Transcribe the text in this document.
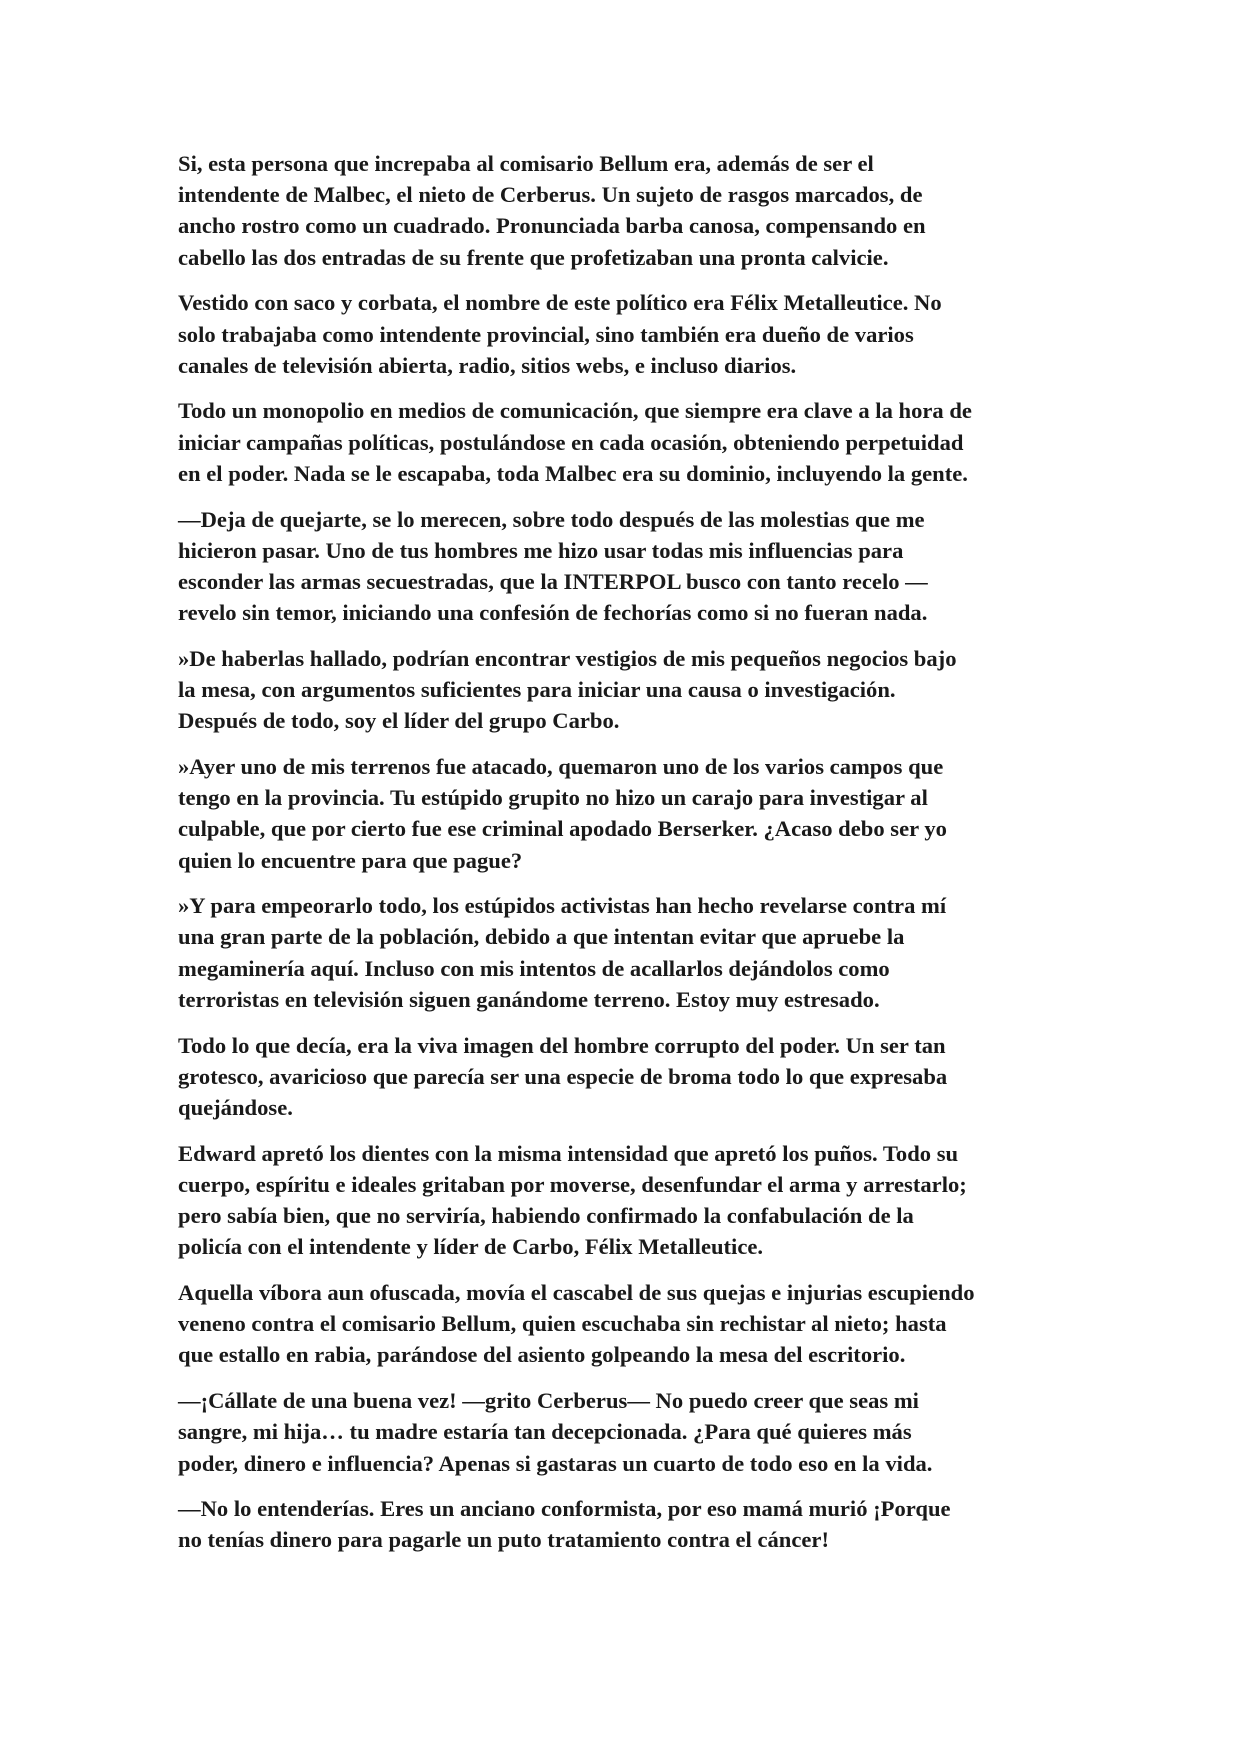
Si, esta persona que increpaba al comisario Bellum era, además de ser el
intendente de Malbec, el nieto de Cerberus. Un sujeto de rasgos marcados, de
ancho rostro como un cuadrado. Pronunciada barba canosa, compensando en
cabello las dos entradas de su frente que profetizaban una pronta calvicie.

Vestido con saco y corbata, el nombre de este político era Félix Metalleutice. No
solo trabajaba como intendente provincial, sino también era dueño de varios
canales de televisión abierta, radio, sitios webs, e incluso diarios.

Todo un monopolio en medios de comunicación, que siempre era clave a la hora de
iniciar campañas políticas, postulándose en cada ocasión, obteniendo perpetuidad
en el poder. Nada se le escapaba, toda Malbec era su dominio, incluyendo la gente.

—Deja de quejarte, se lo merecen, sobre todo después de las molestias que me
hicieron pasar. Uno de tus hombres me hizo usar todas mis influencias para
esconder las armas secuestradas, que la INTERPOL busco con tanto recelo —
revelo sin temor, iniciando una confesión de fechorías como si no fueran nada.

»De haberlas hallado, podrían encontrar vestigios de mis pequeños negocios bajo
la mesa, con argumentos suficientes para iniciar una causa o investigación.
Después de todo, soy el líder del grupo Carbo.

»Ayer uno de mis terrenos fue atacado, quemaron uno de los varios campos que
tengo en la provincia. Tu estúpido grupito no hizo un carajo para investigar al
culpable, que por cierto fue ese criminal apodado Berserker. ¿Acaso debo ser yo
quien lo encuentre para que pague?

»Y para empeorarlo todo, los estúpidos activistas han hecho revelarse contra mí
una gran parte de la población, debido a que intentan evitar que apruebe la
megaminería aquí. Incluso con mis intentos de acallarlos dejándolos como
terroristas en televisión siguen ganándome terreno. Estoy muy estresado.

Todo lo que decía, era la viva imagen del hombre corrupto del poder. Un ser tan
grotesco, avaricioso que parecía ser una especie de broma todo lo que expresaba
quejándose.

Edward apretó los dientes con la misma intensidad que apretó los puños. Todo su
cuerpo, espíritu e ideales gritaban por moverse, desenfundar el arma y arrestarlo;
pero sabía bien, que no serviría, habiendo confirmado la confabulación de la
policía con el intendente y líder de Carbo, Félix Metalleutice.

Aquella víbora aun ofuscada, movía el cascabel de sus quejas e injurias escupiendo
veneno contra el comisario Bellum, quien escuchaba sin rechistar al nieto; hasta
que estallo en rabia, parándose del asiento golpeando la mesa del escritorio.

—¡Cállate de una buena vez! —grito Cerberus— No puedo creer que seas mi
sangre, mi hija… tu madre estaría tan decepcionada. ¿Para qué quieres más
poder, dinero e influencia? Apenas si gastaras un cuarto de todo eso en la vida.

—No lo entenderías. Eres un anciano conformista, por eso mamá murió ¡Porque
no tenías dinero para pagarle un puto tratamiento contra el cáncer!
